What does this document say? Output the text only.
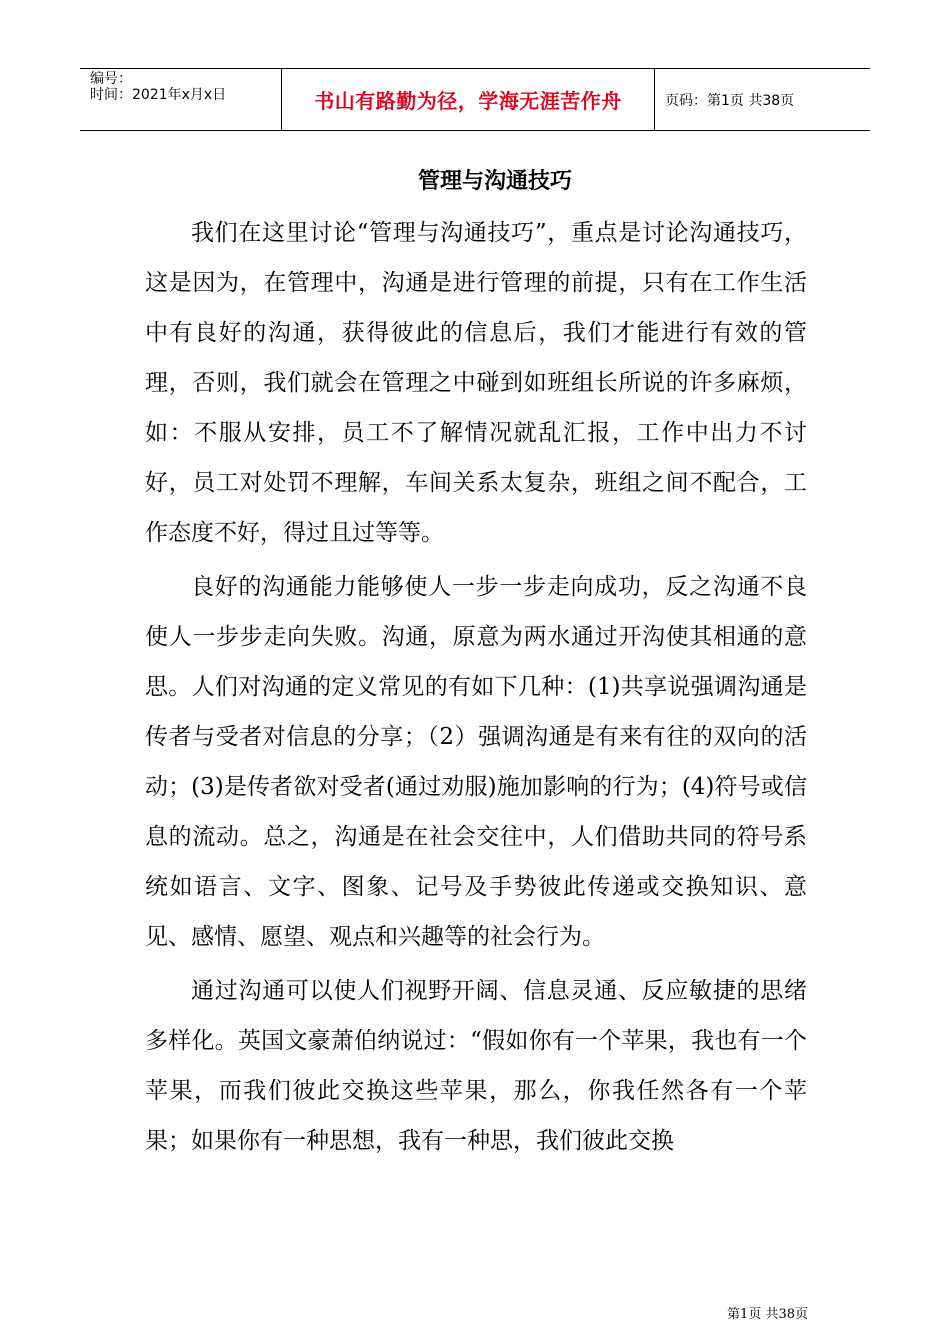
编号：
时间：2021年x月x日	书山有路勤为径，学海无涯苦作舟	页码：第1页 共38页
管理与沟通技巧

我们在这里讨论“管理与沟通技巧”，重点是讨论沟通技巧，这是因为，在管理中，沟通是进行管理的前提，只有在工作生活中有良好的沟通，获得彼此的信息后，我们才能进行有效的管理，否则，我们就会在管理之中碰到如班组长所说的许多麻烦，如：不服从安排，员工不了解情况就乱汇报，工作中出力不讨好，员工对处罚不理解，车间关系太复杂，班组之间不配合，工作态度不好，得过且过等等。

良好的沟通能力能够使人一步一步走向成功，反之沟通不良使人一步步走向失败。沟通，原意为两水通过开沟使其相通的意思。人们对沟通的定义常见的有如下几种：(1)共享说强调沟通是传者与受者对信息的分享；（2）强调沟通是有来有往的双向的活动；(3)是传者欲对受者(通过劝服)施加影响的行为；(4)符号或信息的流动。总之，沟通是在社会交往中，人们借助共同的符号系统如语言、文字、图象、记号及手势彼此传递或交换知识、意见、感情、愿望、观点和兴趣等的社会行为。

通过沟通可以使人们视野开阔、信息灵通、反应敏捷的思绪多样化。英国文豪萧伯纳说过：“假如你有一个苹果，我也有一个苹果，而我们彼此交换这些苹果，那么，你我任然各有一个苹果；如果你有一种思想，我有一种思，我们彼此交换

第1页 共38页
